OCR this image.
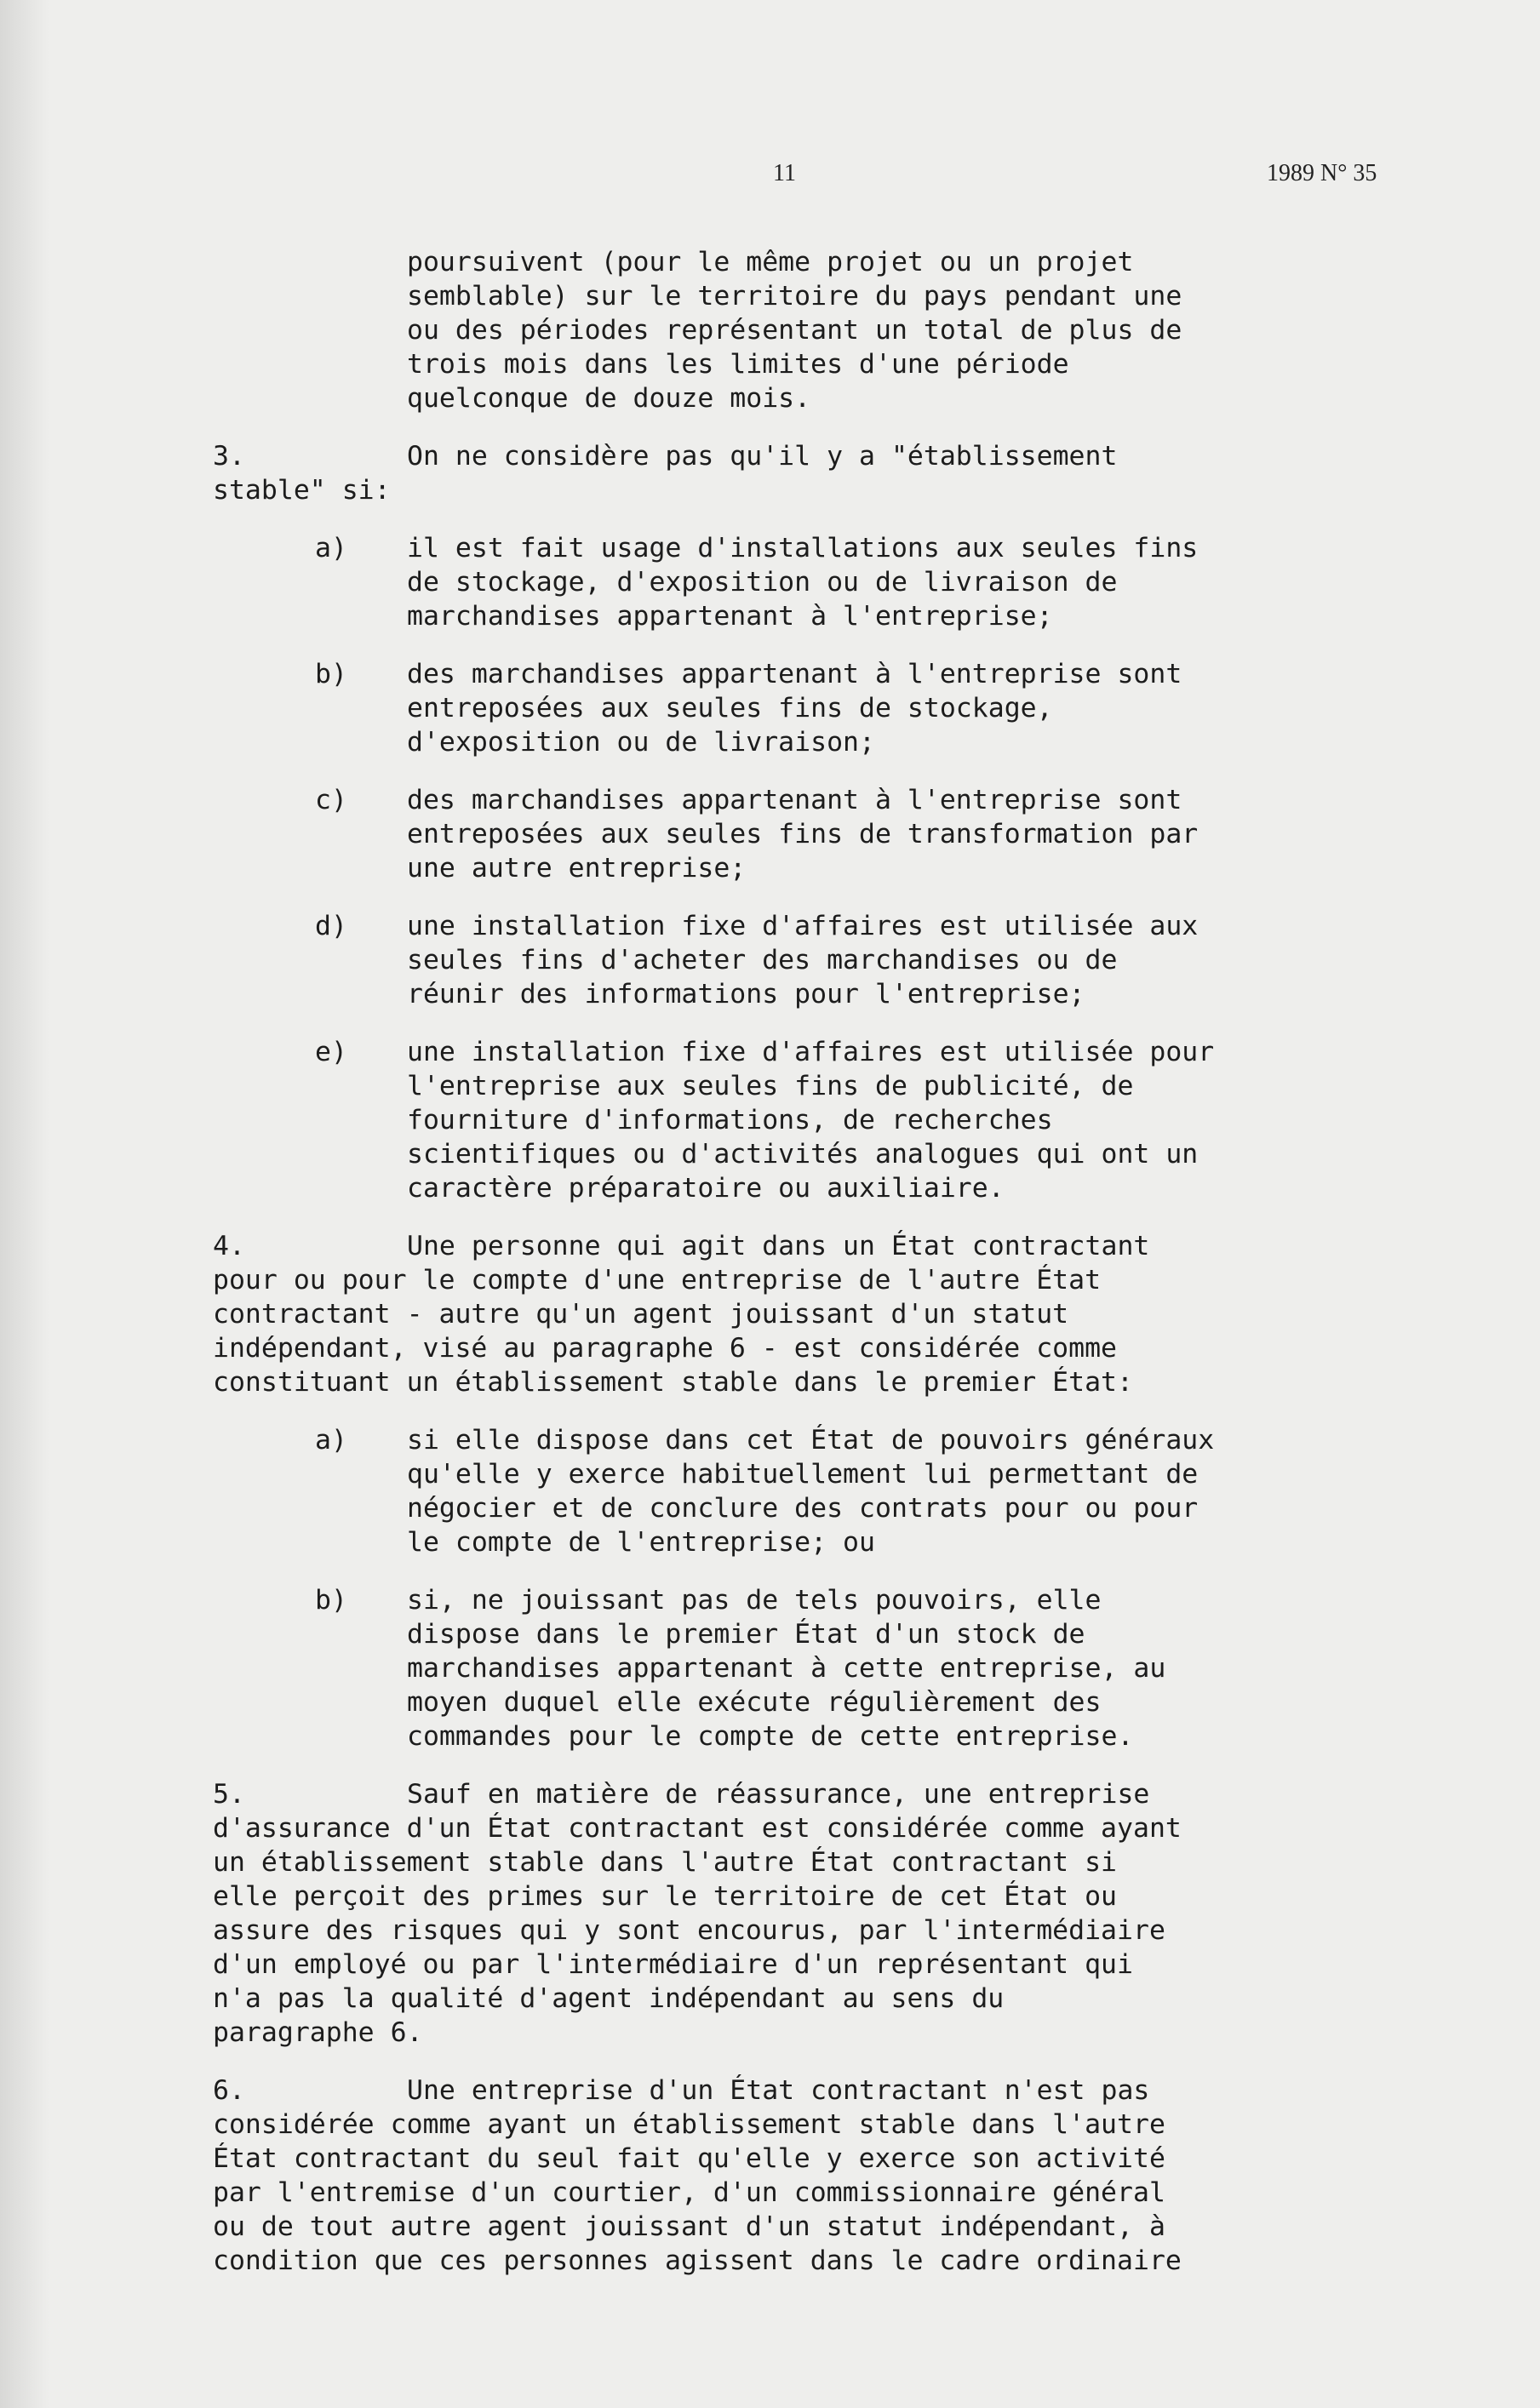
11	1989 N° 35

poursuivent (pour le même projet ou un projet

semblable) sur le territoire du pays pendant une

ou des périodes représentant un total de plus de

trois mois dans les limites d'une période

quelconque de douze mois.

3.	On ne considère pas qu'il y a "établissement

stable" si:

a) il est fait usage d'installations aux seules fins

de stockage, d'exposition ou de livraison de

marchandises appartenant à l'entreprise;

b) des marchandises appartenant à l'entreprise sont

entreposées aux seules fins de stockage,

d'exposition ou de livraison;

c) des marchandises appartenant à l'entreprise sont

entreposées aux seules fins de transformation par

une autre entreprise;

d) une installation fixe d'affaires est utilisée aux

seules fins d'acheter des marchandises ou de

réunir des informations pour l'entreprise;

e) une installation fixe d'affaires est utilisée pour

l'entreprise aux seules fins de publicité, de

fourniture d'informations, de recherches

scientifiques ou d'activités analogues qui ont un

caractère préparatoire ou auxiliaire.

4.	Une personne qui agit dans un État contractant

pour ou pour le compte d'une entreprise de l'autre État

contractant - autre qu'un agent jouissant d'un statut

indépendant, visé au paragraphe 6 - est considérée comme

constituant un établissement stable dans le premier État:

a) si elle dispose dans cet État de pouvoirs généraux

qu'elle y exerce habituellement lui permettant de

négocier et de conclure des contrats pour ou pour

le compte de l'entreprise; ou

b) si, ne jouissant pas de tels pouvoirs, elle

dispose dans le premier État d'un stock de

marchandises appartenant à cette entreprise, au

moyen duquel elle exécute régulièrement des

commandes pour le compte de cette entreprise.

5.	Sauf en matière de réassurance, une entreprise

d'assurance d'un État contractant est considérée comme ayant

un établissement stable dans l'autre État contractant si

elle perçoit des primes sur le territoire de cet État ou

assure des risques qui y sont encourus, par l'intermédiaire

d'un employé ou par l'intermédiaire d'un représentant qui

n'a pas la qualité d'agent indépendant au sens du

paragraphe 6.

6.	Une entreprise d'un État contractant n'est pas

considérée comme ayant un établissement stable dans l'autre

État contractant du seul fait qu'elle y exerce son activité

par l'entremise d'un courtier, d'un commissionnaire général

ou de tout autre agent jouissant d'un statut indépendant, à

condition que ces personnes agissent dans le cadre ordinaire
